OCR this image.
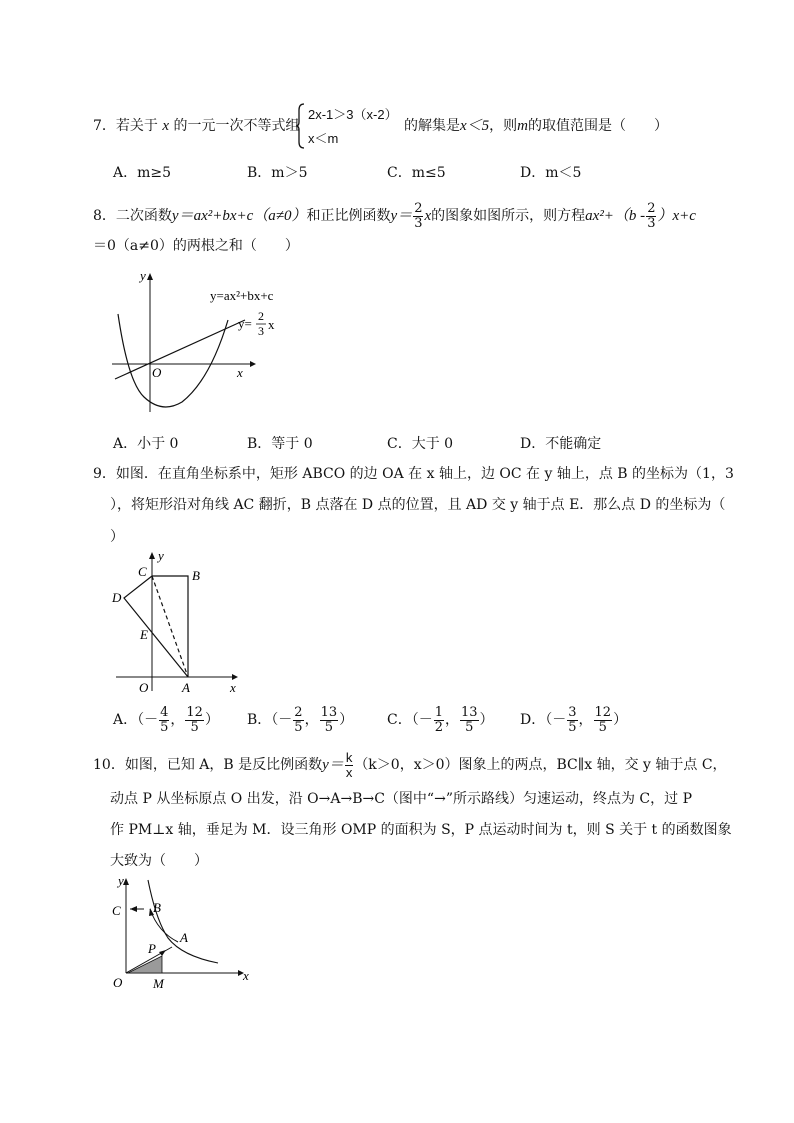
7．若关于 x 的一元一次不等式组
2x-1＞3（x-2）
x＜m
的解集是x＜5，则m的取值范围是（　　）
A．m≥5	B．m＞5	C．m≤5	D．m＜5
8．二次函数y＝ax²+bx+c（a≠0）和正比例函数$y= \frac{2}{3}$ x的图象如图所示，则方程$ax^2+(b - \frac{2}{3} )x+c$
＝0（a≠0）的两根之和（　　）
y
x
O
y=ax²+bx+c
y= 2
3 x
A．小于 0	B．等于 0	C．大于 0	D．不能确定
9．如图．在直角坐标系中，矩形 ABCO 的边 OA 在 x 轴上，边 OC 在 y 轴上，点 B 的坐标为（1，3
），将矩形沿对角线 AC 翻折，B 点落在 D 点的位置，且 AD 交 y 轴于点 E．那么点 D 的坐标为（
）
y
C	B
D
E
O	A	x
A．（－ $\frac{4}{5}$ ， $\frac{12}{5}$ ） B．（－ $\frac{2}{5}$ ， $\frac{13}{5}$ ） C．（－ $\frac{1}{2}$ ， $\frac{13}{5}$ ） D．（－ $\frac{3}{5}$ ， $\frac{12}{5}$ ）
10．如图，已知 A，B 是反比例函数$y= \frac{k}{x} (k>0$，x＞0）图象上的两点，BC∥x 轴，交 y 轴于点 C，
动点 P 从坐标原点 O 出发，沿 O→A→B→C（图中“→”所示路线）匀速运动，终点为 C，过 P
作 PM⊥x 轴，垂足为 M．设三角形 OMP 的面积为 S，P 点运动时间为 t，则 S 关于 t 的函数图象
大致为（　　）
y
C B
P
A
O M
x
